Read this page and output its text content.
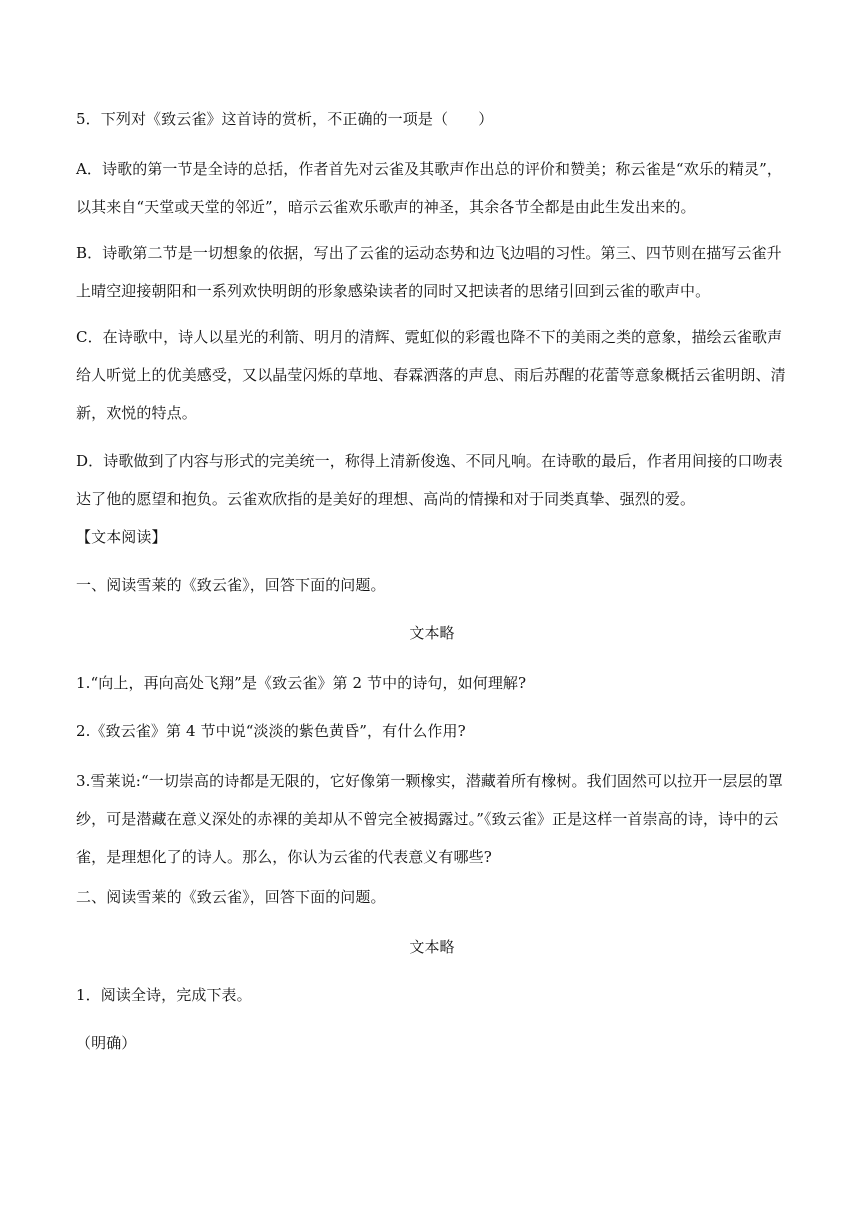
5．下列对《致云雀》这首诗的赏析，不正确的一项是（　　）
A．诗歌的第一节是全诗的总括，作者首先对云雀及其歌声作出总的评价和赞美；称云雀是“欢乐的精灵”，以其来自“天堂或天堂的邻近”，暗示云雀欢乐歌声的神圣，其余各节全都是由此生发出来的。
B．诗歌第二节是一切想象的依据，写出了云雀的运动态势和边飞边唱的习性。第三、四节则在描写云雀升上晴空迎接朝阳和一系列欢快明朗的形象感染读者的同时又把读者的思绪引回到云雀的歌声中。
C．在诗歌中，诗人以星光的利箭、明月的清辉、霓虹似的彩霞也降不下的美雨之类的意象，描绘云雀歌声给人听觉上的优美感受，又以晶莹闪烁的草地、春霖洒落的声息、雨后苏醒的花蕾等意象概括云雀明朗、清新，欢悦的特点。
D．诗歌做到了内容与形式的完美统一，称得上清新俊逸、不同凡响。在诗歌的最后，作者用间接的口吻表达了他的愿望和抱负。云雀欢欣指的是美好的理想、高尚的情操和对于同类真挚、强烈的爱。
【文本阅读】
一、阅读雪莱的《致云雀》，回答下面的问题。
文本略
1.“向上，再向高处飞翔”是《致云雀》第 2 节中的诗句，如何理解?
2.《致云雀》第 4 节中说“淡淡的紫色黄昏”，有什么作用?
3.雪莱说:“一切崇高的诗都是无限的，它好像第一颗橡实，潜藏着所有橡树。我们固然可以拉开一层层的罩纱，可是潜藏在意义深处的赤裸的美却从不曾完全被揭露过。”《致云雀》正是这样一首崇高的诗，诗中的云雀，是理想化了的诗人。那么，你认为云雀的代表意义有哪些?
二、阅读雪莱的《致云雀》，回答下面的问题。
文本略
1．阅读全诗，完成下表。
（明确）
